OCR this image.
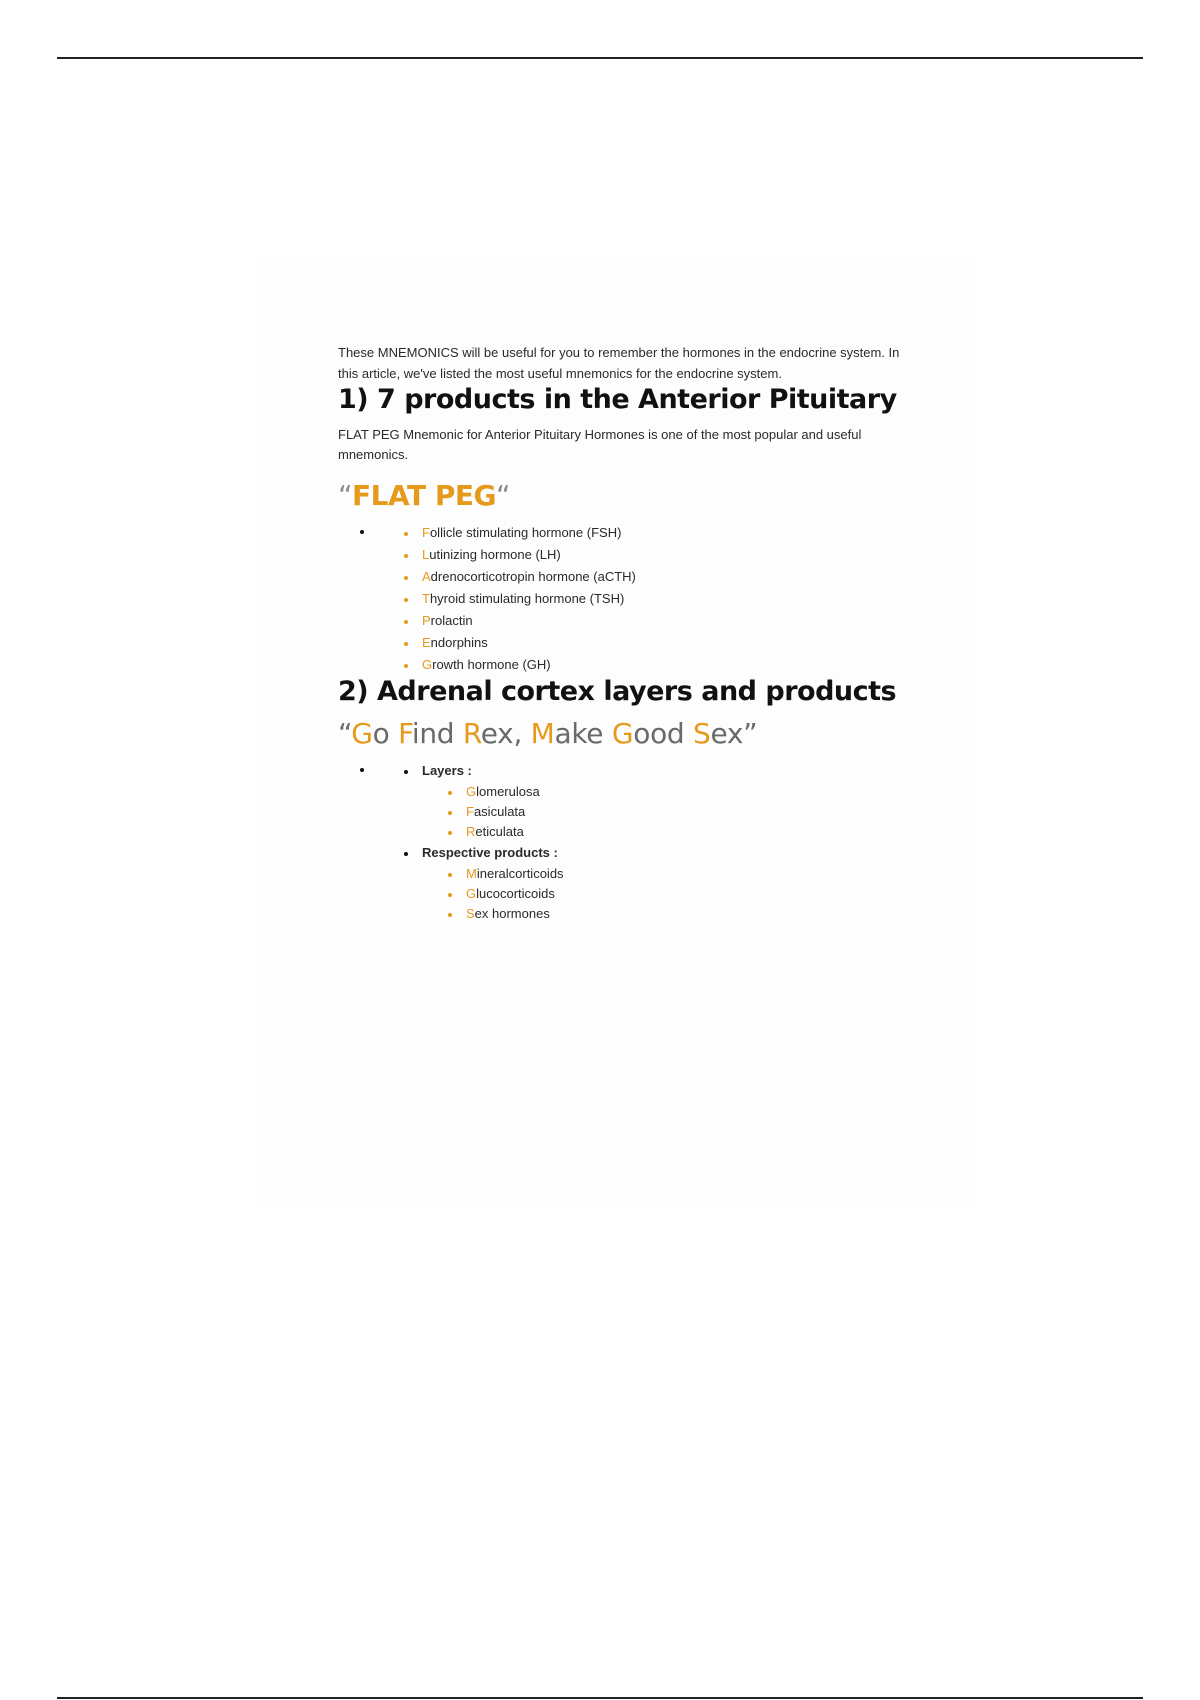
These MNEMONICS will be useful for you to remember the hormones in the endocrine system. In this article, we've listed the most useful mnemonics for the endocrine system.

1) 7 products in the Anterior Pituitary

FLAT PEG Mnemonic for Anterior Pituitary Hormones is one of the most popular and useful mnemonics.

“FLAT PEG“
Follicle stimulating hormone (FSH)
Lutinizing hormone (LH)
Adrenocorticotropin hormone (aCTH)
Thyroid stimulating hormone (TSH)
Prolactin
Endorphins
Growth hormone (GH)
2) Adrenal cortex layers and products
“Go Find Rex, Make Good Sex”
Layers :
Glomerulosa
Fasiculata
Reticulata
Respective products :
Mineralcorticoids
Glucocorticoids
Sex hormones
